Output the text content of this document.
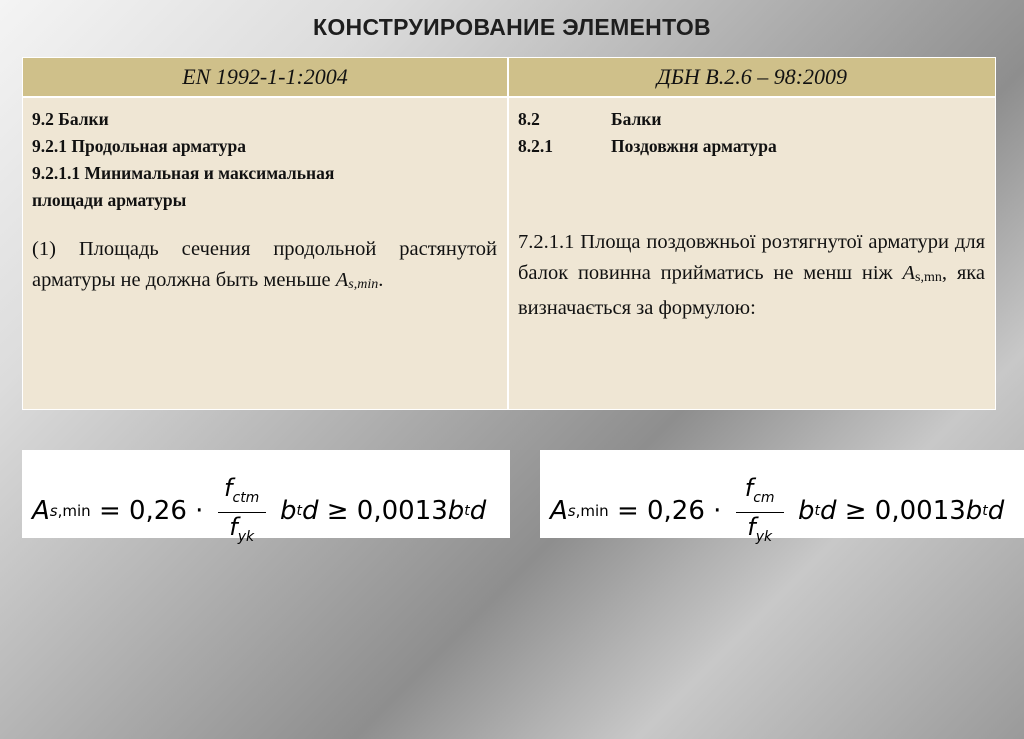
КОНСТРУИРОВАНИЕ ЭЛЕМЕНТОВ
EN 1992-1-1:2004	ДБН В.2.6 – 98:2009

9.2 Балки

9.2.1 Продольная арматура

9.2.1.1 Минимальная и максимальная

площади арматуры

(1) Площадь сечения продольной растянутой арматуры не должна быть меньше As,min.

8.2	Балки
8.2.1	Поздовжня арматура

7.2.1.1 Площа поздовжньої розтягнутої арматури для балок повинна прийматись не менш ніж As,mn, яка визначається за формулою:

A $s,\min = 0,26 \cdot \frac{f_{ctm}}{f_{yk}}$ b t d ≥ 0,0013 b t d A $s,\min = 0,26 \cdot \frac{f_{cm}}{f_{yk}}$ b t d ≥ 0,0013 b t d
